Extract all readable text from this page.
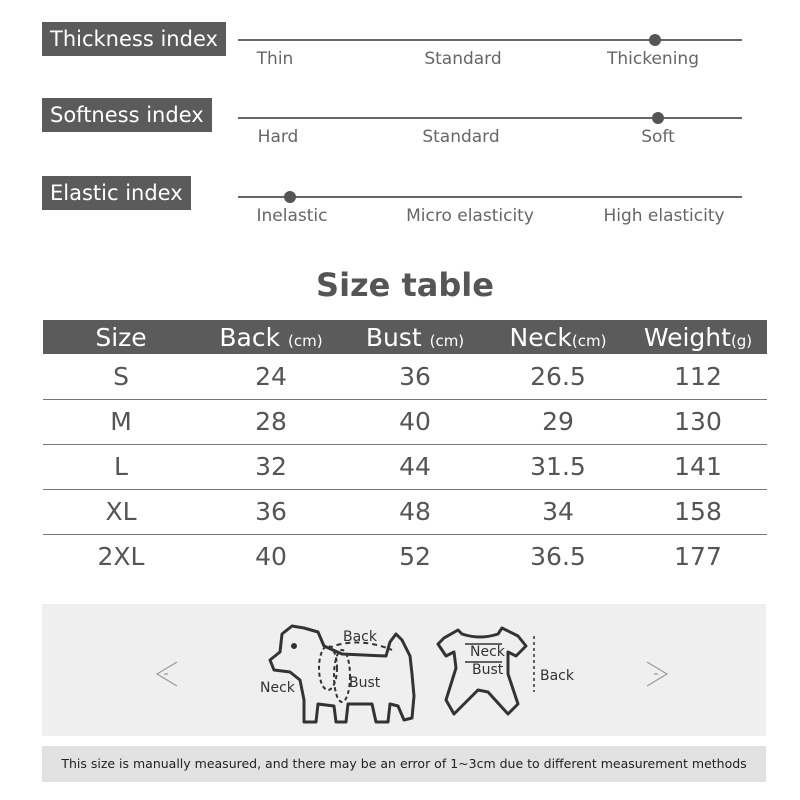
Thickness index
Thin	Standard	Thickening
Softness index
Hard	Standard	Soft
Elastic index
Inelastic	Micro elasticity	High elasticity
Size table
Size	Back (cm)	Bust (cm)	Neck(cm)	Weight(g)
S	24	36	26.5	112
M	28	40	29	130
L	32	44	31.5	141
XL	36	48	34	158
2XL	40	52	36.5	177
Back
Neck	Bust
Neck
Bust	Back
This size is manually measured, and there may be an error of 1~3cm due to different measurement methods
